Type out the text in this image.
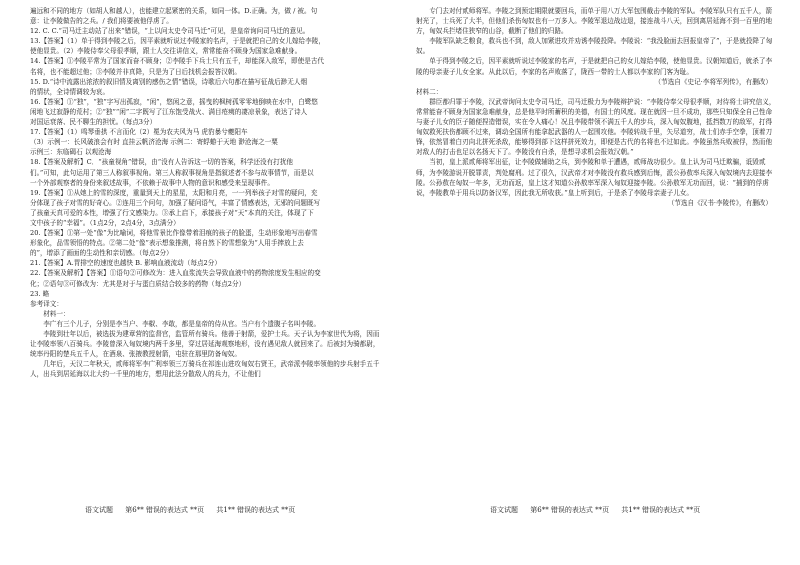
遍远和不同的地方（如胡人和越人），也能建立起紧密的关系，如同一体。D.正确。为，做 / 被。句

意：让李陵做告的之兵。/ 我们将要被他俘虏了。

12. C. C.“司马迁主动站了出来”错误，“上以问太史令司马迁”可见，是皇帝询问司马迁的意见。

13.【答案】（1）单于得到李陵之后，因平素就听说过李陵家的名声，于是就把自己的女儿嫁给李陵，

使他显贵。（2）李陵侍奉父母很孝顺，跟士人交往讲信义，常常能奋不顾身为国家急难献身。

14.【答案】①李陵平常为了国家而奋不顾身；②李陵手下兵士只有五千，却能深入敌军，即使是古代

名将，也不能超过他；③李陵并非真降，只是为了日后找机会报答汉朝。

15. D.“诗中流露出浓浓的叙旧情及离别的感伤之情”错误，诗歌后六句都在描写征战后渺无人烟

的情状，全诗情调较为哀。

16.【答案】①“独”，“独”字写出孤寂，“闲”，悠闲之意，摇曳的枫树孤零零地倒映在水中，白鹭悠

闲地飞过寂静的荒村；②“独”“闲”二字既写了江东饱受战火、满目疮痍的凄凉景象，表达了诗人

对国运衰落、民不聊生的担忧。（每点3分）

17.【答案】（1）鸣琴垂拱 不言而化（2）冕为农夫风为马 虎豹暴兮夔阳车

（3）示例一：长风破浪会有时 直挂云帆济沧海 示例二：寄蜉蝣于天地 渺沧海之一粟

示例三：东临碣石 以观沧海

18.【答案及解析】C．“孩童视角”错误，由“没有人告诉这一切的答案，科学还没有打扰他

们。”可知，此句运用了第三人称叙事视角。第三人称叙事视角是指叙述者不参与故事情节，而是以

一个外部观察者的身份来叙述故事，不依赖于故事中人物的意识和感受来呈现事件。

19.【答案】①从她上的雪的深度，重量到天上的星星，太阳和月亮，一一列举孩子对雪的疑问，充

分体现了孩子对雪的好奇心。②连用三个问句，加强了疑问语气，丰富了情感表达，无邪的问题既写

了孩童天真可爱的本性，增强了行文感染力。③承上启下，承接孩子对“天”本真的关注，体现了下

文中孩子的“幸福”。（1点2分，2点4分，3点满分）

20.【答案】①第一处“像”为比喻词，将他雪景比作像带着泪痕的孩子的脸蛋，生动形象地写出春雪

形象化，品雪领悟的特点。②第二处“像”表示想象推测，将自然下的雪想象为“人用手捧放上去

的”，增添了画面的生动性和亲切感。（每点2分）

21.【答案】A.胃排空的速度也越快 B. 影响血液流动（每点2分）

22.【答案及解析】【答案】①语句②可修改为：进入血浆流失会导致血液中的药物浓度发生相应的变

化；②语句③可修改为：尤其是对于与蛋白质结合较多的药物（每点2分）

23. 略

参考译文：

材料一：

李广有三个儿子，分别是李当户、李椒、李敢，都是皇帝的侍从官。当户有个遗腹子名叫李陵。

李陵到壮年以后，被选拔为建章营的监督官，监管所有骑兵。他善于射箭，爱护士兵。天子认为李家世代为将，因而让李陵率领八百骑兵。李陵曾深入匈奴境内两千多里，穿过居延海观察地形，没有遇见敌人就回来了。后被封为骑都尉，统率丹阳的楚兵五千人，在酒泉、张掖教授射箭，屯驻在那里防备匈奴。

几年后，天汉二年秋天，贰师将军李广利率领三万骑兵在祁连山进攻匈奴右贤王，武帝派李陵率领他的步兵射手五千人，出兵到居延海以北大约一千里的地方，想用此法分散敌人的兵力，不让他们

语文试题 第6** 错误的表达式 **页 共1** 错误的表达式 **页

专门去对付贰师将军。李陵之到预定期限就要回兵，而单于用八万大军包围截击李陵的军队。李陵军队只有五千人，箭射光了，士兵死了大半，但他们杀伤匈奴也有一万多人。李陵军退边战边退，接连战斗八天，回到离居延海不到一百里的地方，匈奴兵拦堵住狭窄的山谷，截断了他们的归路。

李陵军队缺乏粮食，救兵也不到，敌人加紧进攻并劝诱李陵投降。李陵说：“我没脸面去回报皇帝了”，于是就投降了匈奴。

单于得到李陵之后，因平素就听说过李陵家的名声，于是就把自己的女儿嫁给李陵，使他显贵。汉朝知道后，就杀了李陵的母亲妻子儿女全家。从此以后，李家的名声败落了，陇西一带的士人都以李家的门客为耻。

（节选自《史记·李将军列传》，有删改）

材料二：

群臣都归罪于李陵，汉武帝询问太史令司马迁，司马迁极力为李陵辩护说：“李陵侍奉父母很孝顺，对待将士讲究信义，常常能奋不顾身为国家急难献身，总是他平时所蓄积的美德，有国士的风度。现在就因一旦不成功，那些只知保全自己性命与妻子儿女的臣子随便捏造错误，实在令人痛心！况且李陵带领不满五千人的步兵，深入匈奴腹地，抵挡数万的敌军，打得匈奴救死扶伤都顾不过来，调动全国所有能拿起武器的人一起围攻他。李陵转战千里，矢尽道穷，战士们赤手空拳，顶着刀锋，依然冒着白刃向北拼死杀敌，能够得到部下这样拼死效力，即便是古代的名将也不过如此。李陵虽然兵败被俘，然而他对敌人的打击也足以名扬天下了。李陵没有自杀，是想寻求机会报效汉朝。”

当初，皇上派贰师将军出征，让李陵做辅助之兵，到李陵和单于遭遇，贰师战功很少。皇上认为司马迁欺骗，诋毁贰师，为李陵游说开脱罪责，判处腐刑。过了很久，汉武帝才对李陵没有救兵感到后悔，派公孙敖率兵深入匈奴境内去迎接李陵。公孙敖在匈奴一年多，无功而返，皇上这才知道公孙敖率军深入匈奴迎接李陵。公孙敖军无功而回，说：“捕到的俘虏说，李陵教单于用兵以防备汉军，因此我无所收获。”皇上听到后，于是杀了李陵母亲妻子儿女。

（节选自《汉书·李陵传》，有删改）

语文试题 第6** 错误的表达式 **页 共1** 错误的表达式 **页
